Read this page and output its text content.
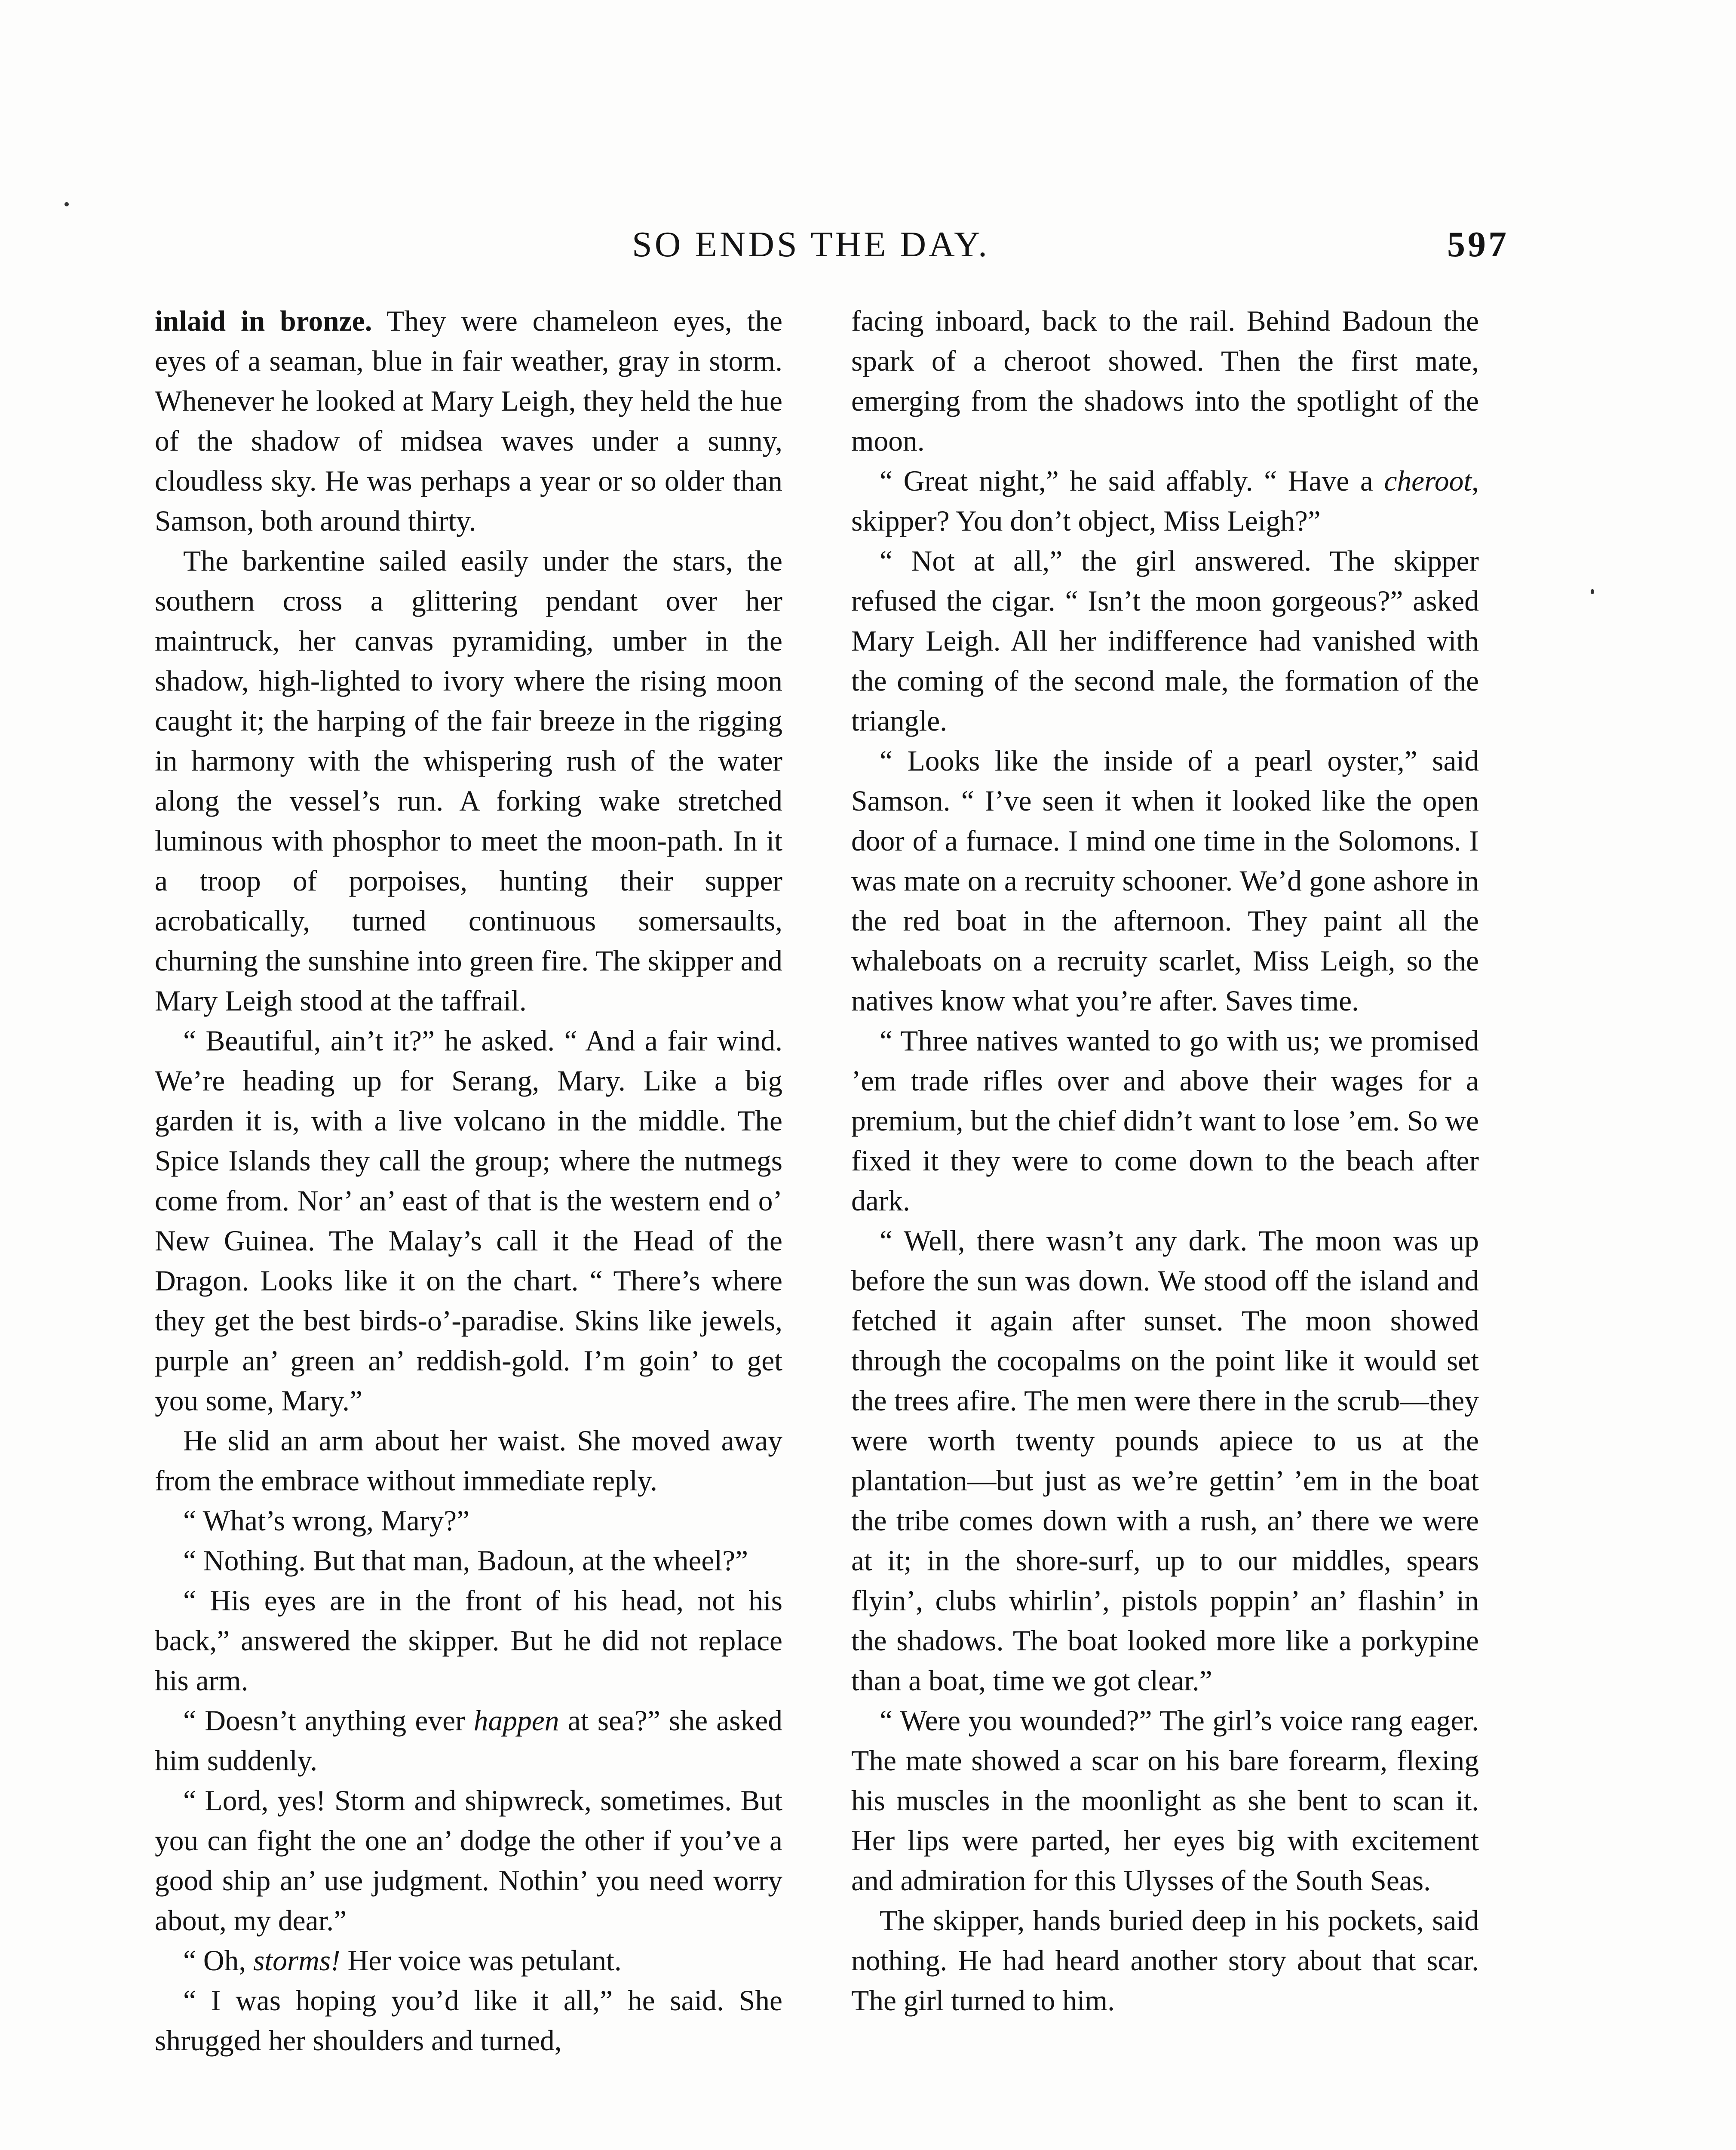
SO ENDS THE DAY.	597

inlaid in bronze. They were chameleon eyes, the eyes of a seaman, blue in fair weather, gray in storm. Whenever he looked at Mary Leigh, they held the hue of the shadow of midsea waves under a sunny, cloudless sky. He was perhaps a year or so older than Samson, both around thirty.

The barkentine sailed easily under the stars, the southern cross a glittering pendant over her maintruck, her canvas pyramiding, umber in the shadow, high-lighted to ivory where the rising moon caught it; the harping of the fair breeze in the rigging in harmony with the whispering rush of the water along the vessel’s run. A forking wake stretched luminous with phosphor to meet the moon-path. In it a troop of porpoises, hunting their supper acrobatically, turned continuous somersaults, churning the sunshine into green fire. The skipper and Mary Leigh stood at the taffrail.

“ Beautiful, ain’t it?” he asked. “ And a fair wind. We’re heading up for Serang, Mary. Like a big garden it is, with a live volcano in the middle. The Spice Islands they call the group; where the nutmegs come from. Nor’ an’ east of that is the western end o’ New Guinea. The Malay’s call it the Head of the Dragon. Looks like it on the chart. “ There’s where they get the best birds-o’-paradise. Skins like jewels, purple an’ green an’ reddish-gold. I’m goin’ to get you some, Mary.”

He slid an arm about her waist. She moved away from the embrace without immediate reply.

“ What’s wrong, Mary?”

“ Nothing. But that man, Badoun, at the wheel?”

“ His eyes are in the front of his head, not his back,” answered the skipper. But he did not replace his arm.

“ Doesn’t anything ever happen at sea?” she asked him suddenly.

“ Lord, yes! Storm and shipwreck, sometimes. But you can fight the one an’ dodge the other if you’ve a good ship an’ use judgment. Nothin’ you need worry about, my dear.”

“ Oh, storms! Her voice was petulant.

“ I was hoping you’d like it all,” he said. She shrugged her shoulders and turned,

facing inboard, back to the rail. Behind Badoun the spark of a cheroot showed. Then the first mate, emerging from the shadows into the spotlight of the moon.

“ Great night,” he said affably. “ Have a cheroot, skipper? You don’t object, Miss Leigh?”

“ Not at all,” the girl answered. The skipper refused the cigar. “ Isn’t the moon gorgeous?” asked Mary Leigh. All her indifference had vanished with the coming of the second male, the formation of the triangle.

“ Looks like the inside of a pearl oyster,” said Samson. “ I’ve seen it when it looked like the open door of a furnace. I mind one time in the Solomons. I was mate on a recruity schooner. We’d gone ashore in the red boat in the afternoon. They paint all the whaleboats on a recruity scarlet, Miss Leigh, so the natives know what you’re after. Saves time.

“ Three natives wanted to go with us; we promised ’em trade rifles over and above their wages for a premium, but the chief didn’t want to lose ’em. So we fixed it they were to come down to the beach after dark.

“ Well, there wasn’t any dark. The moon was up before the sun was down. We stood off the island and fetched it again after sunset. The moon showed through the cocopalms on the point like it would set the trees afire. The men were there in the scrub—they were worth twenty pounds apiece to us at the plantation—but just as we’re gettin’ ’em in the boat the tribe comes down with a rush, an’ there we were at it; in the shore-surf, up to our middles, spears flyin’, clubs whirlin’, pistols poppin’ an’ flashin’ in the shadows. The boat looked more like a porkypine than a boat, time we got clear.”

“ Were you wounded?” The girl’s voice rang eager. The mate showed a scar on his bare forearm, flexing his muscles in the moonlight as she bent to scan it. Her lips were parted, her eyes big with excitement and admiration for this Ulysses of the South Seas.

The skipper, hands buried deep in his pockets, said nothing. He had heard another story about that scar. The girl turned to him.
